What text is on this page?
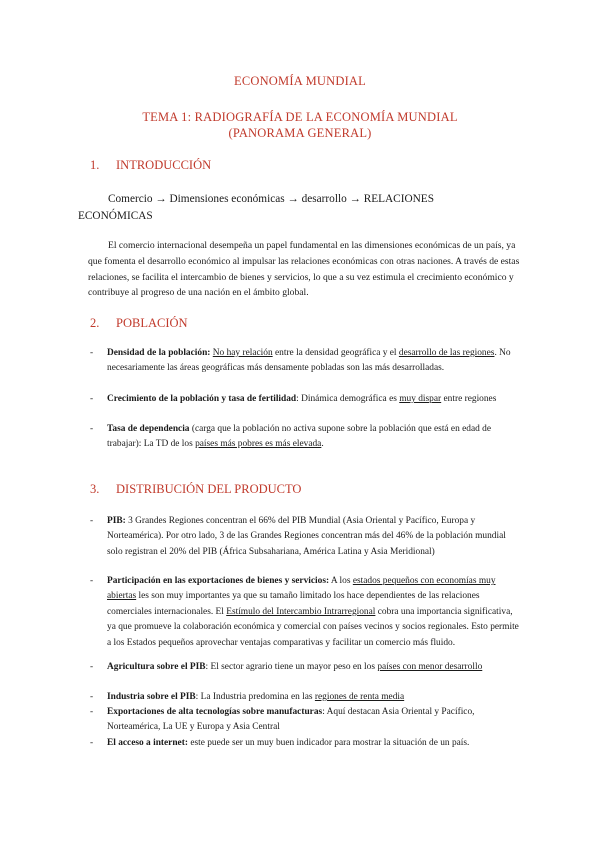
ECONOMÍA MUNDIAL
TEMA 1: RADIOGRAFÍA DE LA ECONOMÍA MUNDIAL
(PANORAMA GENERAL)
1. INTRODUCCIÓN
Comercio → Dimensiones económicas → desarrollo → RELACIONES
ECONÓMICAS
El comercio internacional desempeña un papel fundamental en las dimensiones económicas de un país, ya que fomenta el desarrollo económico al impulsar las relaciones económicas con otras naciones. A través de estas relaciones, se facilita el intercambio de bienes y servicios, lo que a su vez estimula el crecimiento económico y contribuye al progreso de una nación en el ámbito global.
2. POBLACIÓN
- Densidad de la población: No hay relación entre la densidad geográfica y el desarrollo de las regiones. No necesariamente las áreas geográficas más densamente pobladas son las más desarrolladas.
- Crecimiento de la población y tasa de fertilidad: Dinámica demográfica es muy dispar entre regiones
- Tasa de dependencia (carga que la población no activa supone sobre la población que está en edad de trabajar): La TD de los países más pobres es más elevada.
3. DISTRIBUCIÓN DEL PRODUCTO
- PIB: 3 Grandes Regiones concentran el 66% del PIB Mundial (Asia Oriental y Pacífico, Europa y Norteamérica). Por otro lado, 3 de las Grandes Regiones concentran más del 46% de la población mundial solo registran el 20% del PIB (África Subsahariana, América Latina y Asia Meridional)
- Participación en las exportaciones de bienes y servicios: A los estados pequeños con economías muy abiertas les son muy importantes ya que su tamaño limitado los hace dependientes de las relaciones comerciales internacionales. El Estímulo del Intercambio Intrarregional cobra una importancia significativa, ya que promueve la colaboración económica y comercial con países vecinos y socios regionales. Esto permite a los Estados pequeños aprovechar ventajas comparativas y facilitar un comercio más fluido.
- Agricultura sobre el PIB: El sector agrario tiene un mayor peso en los países con menor desarrollo
- Industria sobre el PIB: La Industria predomina en las regiones de renta media
- Exportaciones de alta tecnologías sobre manufacturas: Aquí destacan Asia Oriental y Pacífico, Norteamérica, La UE y Europa y Asia Central
- El acceso a internet: este puede ser un muy buen indicador para mostrar la situación de un país.
